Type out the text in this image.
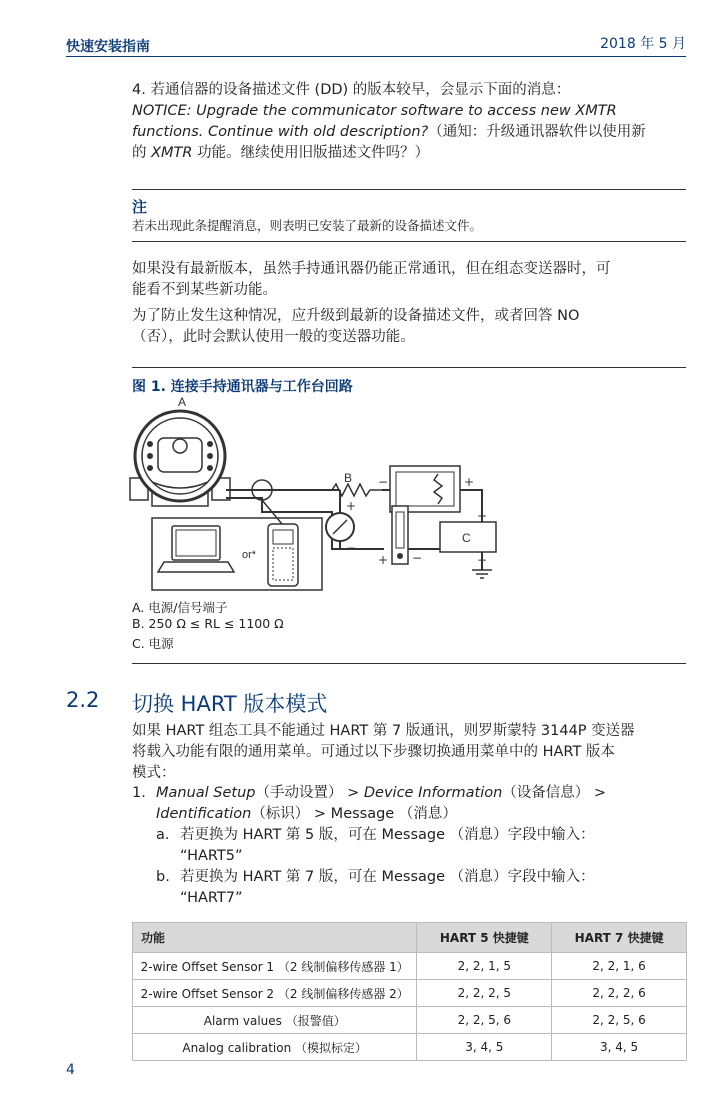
快速安装指南	2018 年 5 月

4. 若通信器的设备描述文件 (DD) 的版本较早，会显示下面的消息：

NOTICE: Upgrade the communicator software to access new XMTR

functions. Continue with old description?（通知：升级通讯器软件以使用新

的 XMTR 功能。继续使用旧版描述文件吗？）

注
若未出现此条提醒消息，则表明已安装了最新的设备描述文件。

如果没有最新版本，虽然手持通讯器仍能正常通讯，但在组态变送器时，可

能看不到某些新功能。

为了防止发生这种情况，应升级到最新的设备描述文件，或者回答 NO

（否），此时会默认使用一般的变送器功能。

图 1. 连接手持通讯器与工作台回路
A
B
+
−
−	+
C
+
−
+ −
or*
A. 电源/信号端子
B. 250 Ω ≤ RL ≤ 1100 Ω
C. 电源
2.2 切换 HART 版本模式

如果 HART 组态工具不能通过 HART 第 7 版通讯，则罗斯蒙特 3144P 变送器

将载入功能有限的通用菜单。可通过以下步骤切换通用菜单中的 HART 版本

模式：

1. Manual Setup（手动设置） > Device Information（设备信息） >
Identification（标识） > Message （消息）
a. 若更换为 HART 第 5 版，可在 Message （消息）字段中输入：
“HART5”
b. 若更换为 HART 第 7 版，可在 Message （消息）字段中输入：
“HART7”
功能	HART 5 快捷键	HART 7 快捷键
2-wire Offset Sensor 1 （2 线制偏移传感器 1）	2, 2, 1, 5	2, 2, 1, 6
2-wire Offset Sensor 2 （2 线制偏移传感器 2）	2, 2, 2, 5	2, 2, 2, 6
Alarm values （报警值）	2, 2, 5, 6	2, 2, 5, 6
Analog calibration （模拟标定）	3, 4, 5	3, 4, 5
4
